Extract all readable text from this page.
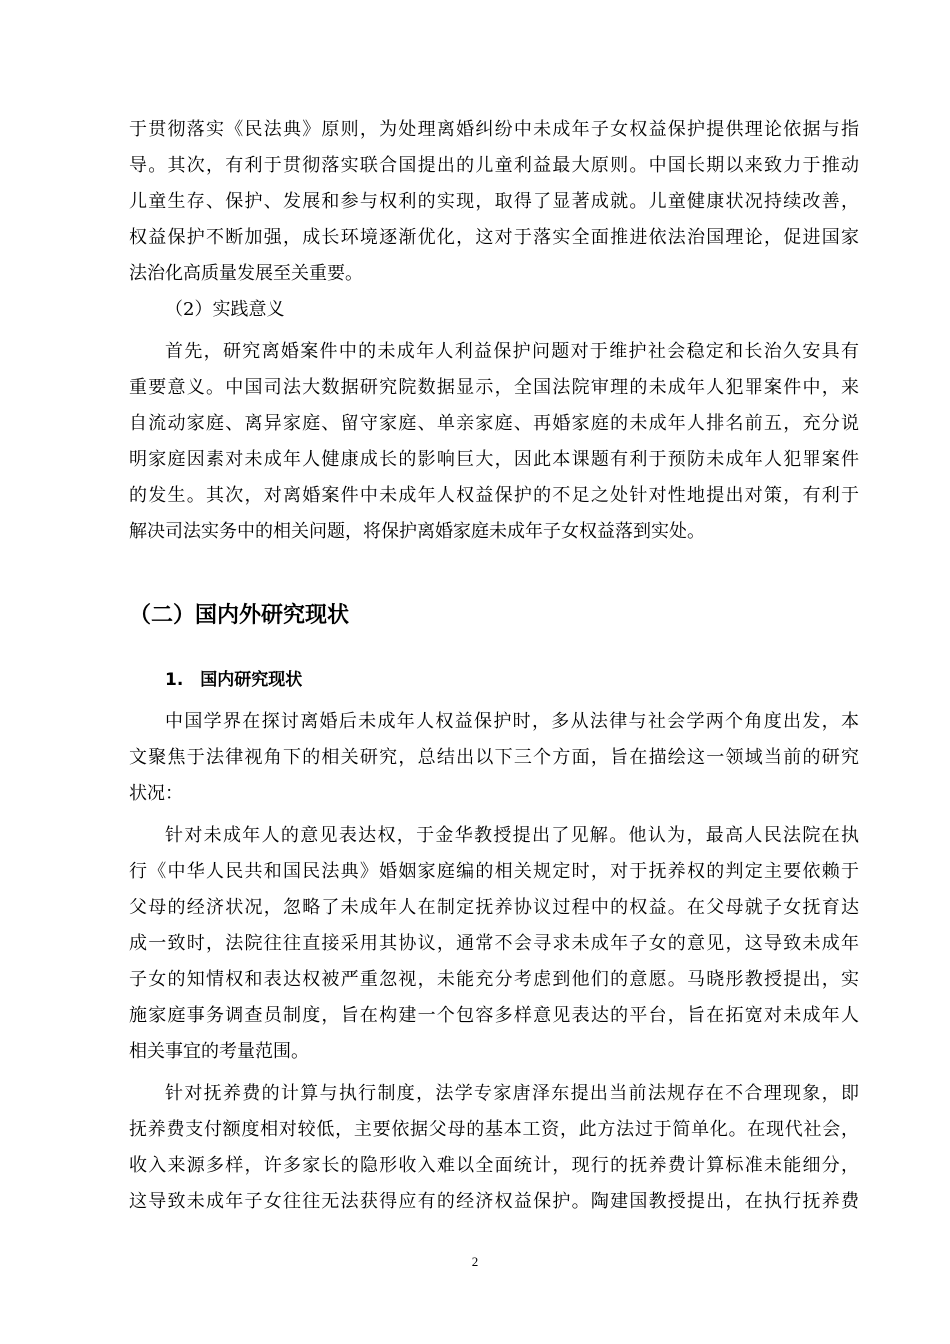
于贯彻落实《民法典》原则，为处理离婚纠纷中未成年子女权益保护提供理论依据与指
导。其次，有利于贯彻落实联合国提出的儿童利益最大原则。中国长期以来致力于推动
儿童生存、保护、发展和参与权利的实现，取得了显著成就。儿童健康状况持续改善，
权益保护不断加强，成长环境逐渐优化，这对于落实全面推进依法治国理论，促进国家
法治化高质量发展至关重要。
（2）实践意义
首先，研究离婚案件中的未成年人利益保护问题对于维护社会稳定和长治久安具有
重要意义。中国司法大数据研究院数据显示，全国法院审理的未成年人犯罪案件中，来
自流动家庭、离异家庭、留守家庭、单亲家庭、再婚家庭的未成年人排名前五，充分说
明家庭因素对未成年人健康成长的影响巨大，因此本课题有利于预防未成年人犯罪案件
的发生。其次，对离婚案件中未成年人权益保护的不足之处针对性地提出对策，有利于
解决司法实务中的相关问题，将保护离婚家庭未成年子女权益落到实处。
（二）国内外研究现状
1.　国内研究现状
中国学界在探讨离婚后未成年人权益保护时，多从法律与社会学两个角度出发，本
文聚焦于法律视角下的相关研究，总结出以下三个方面，旨在描绘这一领域当前的研究
状况：
针对未成年人的意见表达权，于金华教授提出了见解。他认为，最高人民法院在执
行《中华人民共和国民法典》婚姻家庭编的相关规定时，对于抚养权的判定主要依赖于
父母的经济状况，忽略了未成年人在制定抚养协议过程中的权益。在父母就子女抚育达
成一致时，法院往往直接采用其协议，通常不会寻求未成年子女的意见，这导致未成年
子女的知情权和表达权被严重忽视，未能充分考虑到他们的意愿。马晓彤教授提出，实
施家庭事务调查员制度，旨在构建一个包容多样意见表达的平台，旨在拓宽对未成年人
相关事宜的考量范围。
针对抚养费的计算与执行制度，法学专家唐泽东提出当前法规存在不合理现象，即
抚养费支付额度相对较低，主要依据父母的基本工资，此方法过于简单化。在现代社会，
收入来源多样，许多家长的隐形收入难以全面统计，现行的抚养费计算标准未能细分，
这导致未成年子女往往无法获得应有的经济权益保护。陶建国教授提出，在执行抚养费
2
